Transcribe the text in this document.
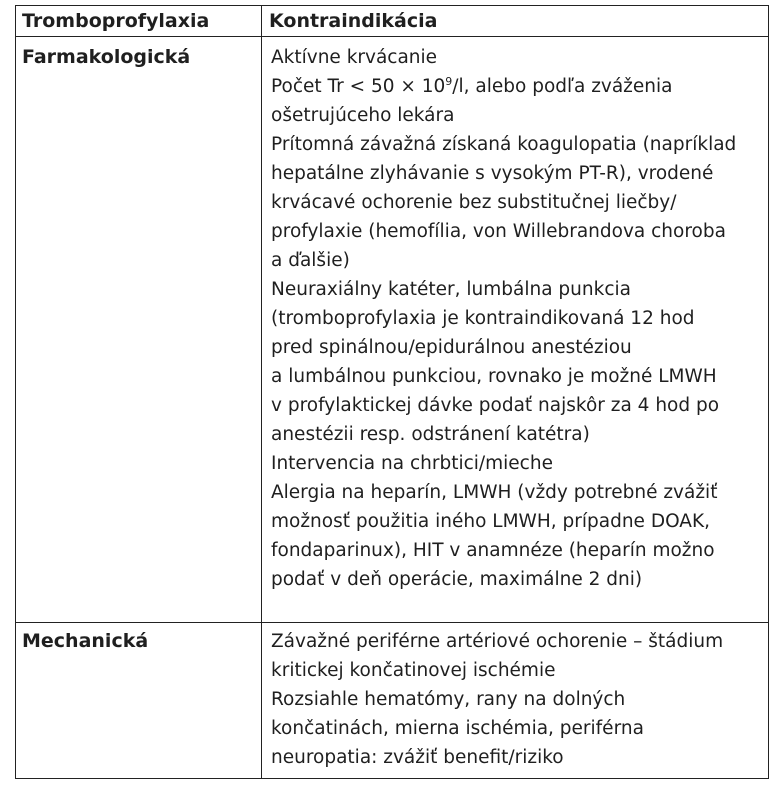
Tromboprofylaxia	Kontraindikácia
Farmakologická	Aktívne krvácanie
Počet $Tr < 50 \times 10^9/l$, alebo podľa zváženia
ošetrujúceho lekára
Prítomná závažná získaná koagulopatia (napríklad
hepatálne zlyhávanie s vysokým PT-R), vrodené
krvácavé ochorenie bez substitučnej liečby/
profylaxie (hemofília, von Willebrandova choroba
a ďalšie)
Neuraxiálny katéter, lumbálna punkcia
(tromboprofylaxia je kontraindikovaná 12 hod
pred spinálnou/epidurálnou anestéziou
a lumbálnou punkciou, rovnako je možné LMWH
v profylaktickej dávke podať najskôr za 4 hod po
anestézii resp. odstránení katétra)
Intervencia na chrbtici/mieche
Alergia na heparín, LMWH (vždy potrebné zvážiť
možnosť použitia iného LMWH, prípadne DOAK,
fondaparinux), HIT v anamnéze (heparín možno
podať v deň operácie, maximálne 2 dni)
Mechanická	Závažné periférne artériové ochorenie – štádium
kritickej končatinovej ischémie
Rozsiahle hematómy, rany na dolných
končatinách, mierna ischémia, periférna
neuropatia: zvážiť benefit/riziko
